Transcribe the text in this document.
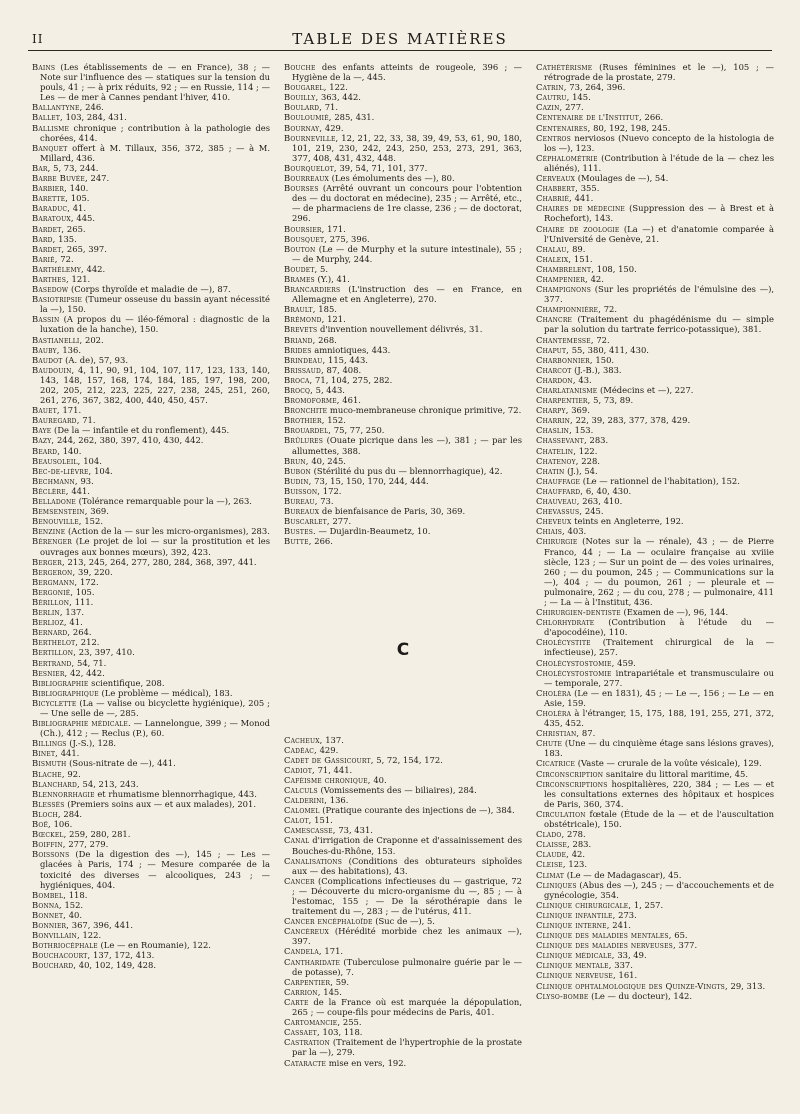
II	TABLE DES MATIÈRES

Bains (Les établissements de — en France), 38 ; — Note sur l'influence des — statiques sur la tension du pouls, 41 ; — à prix réduits, 92 ; — en Russie, 114 ; — Les — de mer à Cannes pendant l'hiver, 410.

Ballantyne, 246.

Ballet, 103, 284, 431.

Ballisme chronique ; contribution à la pathologie des chorées, 414.

Banquet offert à M. Tillaux, 356, 372, 385 ; — à M. Millard, 436.

Bar, 5, 73, 244.

Barbe Buvée, 247.

Barbier, 140.

Barette, 105.

Baraduc, 41.

Baratoux, 445.

Bardet, 265.

Bard, 135.

Bardet, 265, 397.

Barié, 72.

Barthélemy, 442.

Barthes, 121.

Basedow (Corps thyroïde et maladie de —), 87.

Basiotripsie (Tumeur osseuse du bassin ayant nécessité la —), 150.

Bassin (A propos du — iléo-fémoral : diagnostic de la luxation de la hanche), 150.

Bastianelli, 202.

Bauby, 136.

Baudot (A. de), 57, 93.

Baudouin, 4, 11, 90, 91, 104, 107, 117, 123, 133, 140, 143, 148, 157, 168, 174, 184, 185, 197, 198, 200, 202, 205, 212, 223, 225, 227, 238, 245, 251, 260, 261, 276, 367, 382, 400, 440, 450, 457.

Bauet, 171.

Bauregard, 71.

Baye (De la — infantile et du ronflement), 445.

Bazy, 244, 262, 380, 397, 410, 430, 442.

Beard, 140.

Beausoleil, 104.

Bec-de-lièvre, 104.

Bechmann, 93.

Béclère, 441.

Belladone (Tolérance remarquable pour la —), 263.

Bemsenstein, 369.

Benouville, 152.

Benzine (Action de la — sur les micro-organismes), 283.

Bérenger (Le projet de loi — sur la prostitution et les ouvrages aux bonnes mœurs), 392, 423.

Berger, 213, 245, 264, 277, 280, 284, 368, 397, 441.

Bergeron, 39, 220.

Bergmann, 172.

Bergonié, 105.

Bérillon, 111.

Berlin, 137.

Berlioz, 41.

Bernard, 264.

Berthelot, 212.

Bertillon, 23, 397, 410.

Bertrand, 54, 71.

Besnier, 42, 442.

Bibliographie scientifique, 208.

Bibliographique (Le problème — médical), 183.

Bicyclette (La — valise ou bicyclette hygiénique), 205 ; — Une selle de —, 285.

Bibliographie médicale. — Lannelongue, 399 ; — Monod (Ch.), 412 ; — Reclus (P.), 60.

Billings (J.-S.), 128.

Binet, 441.

Bismuth (Sous-nitrate de —), 441.

Blache, 92.

Blanchard, 54, 213, 243.

Blennorrhagie et rhumatisme blennorrhagique, 443.

Blessés (Premiers soins aux — et aux malades), 201.

Bloch, 284.

Boë, 106.

Bœckel, 259, 280, 281.

Boiffin, 277, 279.

Boissons (De la digestion des —), 145 ; — Les — glacées à Paris, 174 ; — Mesure comparée de la toxicité des diverses — alcooliques, 243 ; — hygiéniques, 404.

Bombel, 118.

Bonna, 152.

Bonnet, 40.

Bonnier, 367, 396, 441.

Bonvillain, 122.

Bothriocéphale (Le — en Roumanie), 122.

Bouchacourt, 137, 172, 413.

Bouchard, 40, 102, 149, 428.

Bouche des enfants atteints de rougeole, 396 ; — Hygiène de la —, 445.

Bougarel, 122.

Bouilly, 363, 442.

Boulard, 71.

Bouloumié, 285, 431.

Bournay, 429.

Bourneville, 12, 21, 22, 33, 38, 39, 49, 53, 61, 90, 180, 101, 219, 230, 242, 243, 250, 253, 273, 291, 363, 377, 408, 431, 432, 448.

Bourquelot, 39, 54, 71, 101, 377.

Bourreaux (Les émoluments des —), 80.

Bourses (Arrêté ouvrant un concours pour l'obtention des — du doctorat en médecine), 235 ; — Arrêté, etc., — de pharmaciens de 1re classe, 236 ; — de doctorat, 296.

Boursier, 171.

Bousquet, 275, 396.

Bouton (Le — de Murphy et la suture intestinale), 55 ; — de Murphy, 244.

Boudet, 5.

Brames (Y.), 41.

Brancardiers (L'instruction des — en France, en Allemagne et en Angleterre), 270.

Brault, 185.

Brémond, 121.

Brevets d'invention nouvellement délivrés, 31.

Briand, 268.

Brides amniotiques, 443.

Brindeau, 115, 443.

Brissaud, 87, 408.

Broca, 71, 104, 275, 282.

Brocq, 5, 443.

Bromoforme, 461.

Bronchite muco-membraneuse chronique primitive, 72.

Brothier, 152.

Brouardel, 75, 77, 250.

Brûlures (Ouate picrique dans les —), 381 ; — par les allumettes, 388.

Brun, 40, 245.

Bubon (Stérilité du pus du — blennorrhagique), 42.

Budin, 73, 15, 150, 170, 244, 444.

Buisson, 172.

Bureau, 73.

Bureaux de bienfaisance de Paris, 30, 369.

Buscarlet, 277.

Bustes. — Dujardin-Beaumetz, 10.

Butte, 266.

C

Cacheux, 137.

Cadéac, 429.

Cadet de Gassicourt, 5, 72, 154, 172.

Cadiot, 71, 441.

Caféisme chronique, 40.

Calculs (Vomissements des — biliaires), 284.

Calderini, 136.

Calomel (Pratique courante des injections de —), 384.

Calot, 151.

Camescasse, 73, 431.

Canal d'irrigation de Craponne et d'assainissement des Bouches-du-Rhône, 153.

Canalisations (Conditions des obturateurs siphoïdes aux — des habitations), 43.

Cancer (Complications infectieuses du — gastrique, 72 ; — Découverte du micro-organisme du —, 85 ; — à l'estomac, 155 ; — De la sérothérapie dans le traitement du —, 283 ; — de l'utérus, 411.

Cancer encéphaloïde (Suc de —), 5.

Cancéreux (Hérédité morbide chez les animaux —), 397.

Candela, 171.

Cantharidate (Tuberculose pulmonaire guérie par le — de potasse), 7.

Carpentier, 59.

Carrion, 145.

Carte de la France où est marquée la dépopulation, 265 ; — coupe-fils pour médecins de Paris, 401.

Cartomancie, 255.

Cassaet, 103, 118.

Castration (Traitement de l'hypertrophie de la prostate par la —), 279.

Cataracte mise en vers, 192.

Cathétérisme (Ruses féminines et le —), 105 ; — rétrograde de la prostate, 279.

Catrin, 73, 264, 396.

Cautru, 145.

Cazin, 277.

Centenaire de l'Institut, 266.

Centenaires, 80, 192, 198, 245.

Centros nerviosos (Nuevo concepto de la histologia de los —), 123.

Céphalométrie (Contribution à l'étude de la — chez les aliénés), 111.

Cerveaux (Moulages de —), 54.

Chabbert, 355.

Chabrié, 441.

Chaires de médecine (Suppression des — à Brest et à Rochefort), 143.

Chaire de zoologie (La —) et d'anatomie comparée à l'Université de Genève, 21.

Chalau, 89.

Chaleix, 151.

Chambrelent, 108, 150.

Champenier, 42.

Champignons (Sur les propriétés de l'émulsine des —), 377.

Championnière, 72.

Chancre (Traitement du phagédénisme du — simple par la solution du tartrate ferrico-potassique), 381.

Chantemesse, 72.

Chaput, 55, 380, 411, 430.

Charbonnier, 150.

Charcot (J.-B.), 383.

Chardon, 43.

Charlatanisme (Médecins et —), 227.

Charpentier, 5, 73, 89.

Charpy, 369.

Charrin, 22, 39, 283, 377, 378, 429.

Chaslin, 153.

Chassevant, 283.

Chatelin, 122.

Chatenoy, 228.

Chatin (J.), 54.

Chauffage (Le — rationnel de l'habitation), 152.

Chauffard, 6, 40, 430.

Chauveau, 263, 410.

Chevassus, 245.

Cheveux teints en Angleterre, 192.

Chiais, 403.

Chirurgie (Notes sur la — rénale), 43 ; — de Pierre Franco, 44 ; — La — oculaire française au xviiie siècle, 123 ; — Sur un point de — des voies urinaires, 260 ; — du poumon, 245 ; — Communications sur la —), 404 ; — du poumon, 261 ; — pleurale et — pulmonaire, 262 ; — du cou, 278 ; — pulmonaire, 411 ; — La — à l'Institut, 436.

Chirurgien-dentiste (Examen de —), 96, 144.

Chlorhydrate (Contribution à l'étude du — d'apocodéine), 110.

Cholécystite (Traitement chirurgical de la — infectieuse), 257.

Cholécystostomie, 459.

Cholécystostomie intrapariétale et transmusculaire ou — temporale, 277.

Choléra (Le — en 1831), 45 ; — Le —, 156 ; — Le — en Asie, 159.

Choléra à l'étranger, 15, 175, 188, 191, 255, 271, 372, 435, 452.

Christian, 87.

Chute (Une — du cinquième étage sans lésions graves), 183.

Cicatrice (Vaste — crurale de la voûte vésicale), 129.

Circonscription sanitaire du littoral maritime, 45.

Circonscriptions hospitalières, 220, 384 ; — Les — et les consultations externes des hôpitaux et hospices de Paris, 360, 374.

Circulation fœtale (Étude de la — et de l'auscultation obstétricale), 150.

Clado, 278.

Claisse, 283.

Claude, 42.

Cleise, 123.

Climat (Le — de Madagascar), 45.

Cliniques (Abus des —), 245 ; — d'accouchements et de gynécologie, 354.

Clinique chirurgicale, 1, 257.

Clinique infantile, 273.

Clinique interne, 241.

Clinique des maladies mentales, 65.

Clinique des maladies nerveuses, 377.

Clinique médicale, 33, 49.

Clinique mentale, 337.

Clinique nerveuse, 161.

Clinique ophtalmologique des Quinze-Vingts, 29, 313.

Clyso-bombe (Le — du docteur), 142.
